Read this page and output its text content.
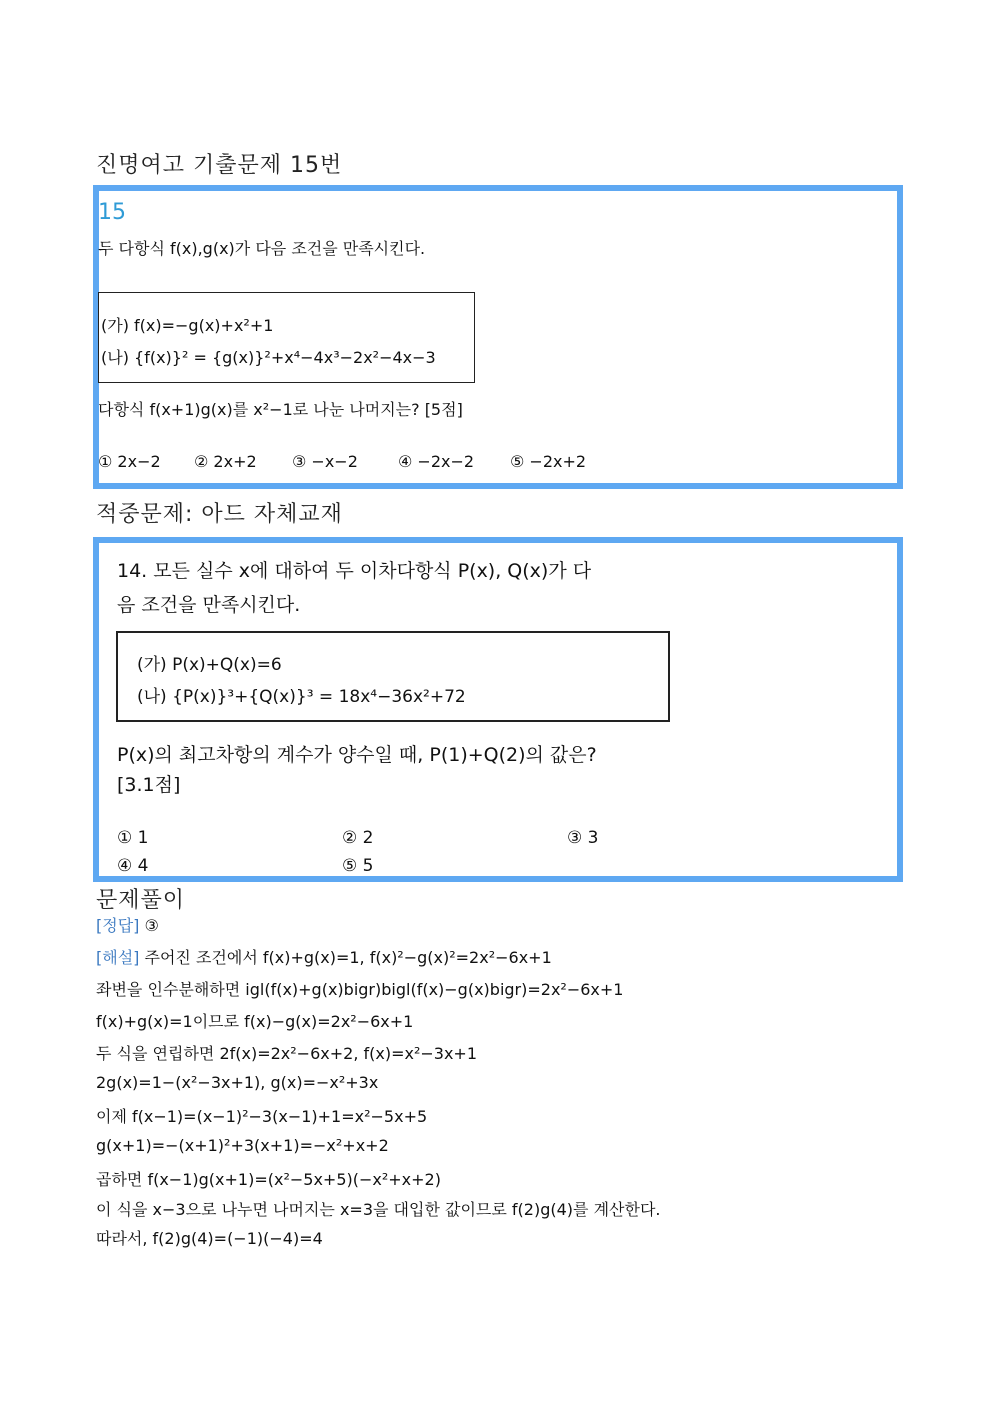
진명여고 기출문제 15번
15
두 다항식 f(x),g(x)가 다음 조건을 만족시킨다.
(가) f(x)=−g(x)+x²+1
(나) {f(x)}² = {g(x)}²+x⁴−4x³−2x²−4x−3
다항식 f(x+1)g(x)를 x²−1로 나눈 나머지는? [5점]
① 2x−2 ② 2x+2 ③ −x−2	④ −2x−2 ⑤ −2x+2
적중문제: 아드 자체교재
14. 모든 실수 x에 대하여 두 이차다항식 P(x), Q(x)가 다
음 조건을 만족시킨다.
(가) P(x)+Q(x)=6
(나) {P(x)}³+{Q(x)}³ = 18x⁴−36x²+72
P(x)의 최고차항의 계수가 양수일 때, P(1)+Q(2)의 값은?
[3.1점]
① 1	② 2	③ 3
④ 4	⑤ 5
문제풀이
[정답] ③
[해설] 주어진 조건에서 f(x)+g(x)=1, f(x)²−g(x)²=2x²−6x+1
좌변을 인수분해하면 igl(f(x)+g(x)bigr)bigl(f(x)−g(x)bigr)=2x²−6x+1
f(x)+g(x)=1이므로 f(x)−g(x)=2x²−6x+1
두 식을 연립하면 2f(x)=2x²−6x+2, f(x)=x²−3x+1
2g(x)=1−(x²−3x+1), g(x)=−x²+3x
이제 f(x−1)=(x−1)²−3(x−1)+1=x²−5x+5
g(x+1)=−(x+1)²+3(x+1)=−x²+x+2
곱하면 f(x−1)g(x+1)=(x²−5x+5)(−x²+x+2)
이 식을 x−3으로 나누면 나머지는 x=3을 대입한 값이므로 f(2)g(4)를 계산한다.
따라서, f(2)g(4)=(−1)(−4)=4
